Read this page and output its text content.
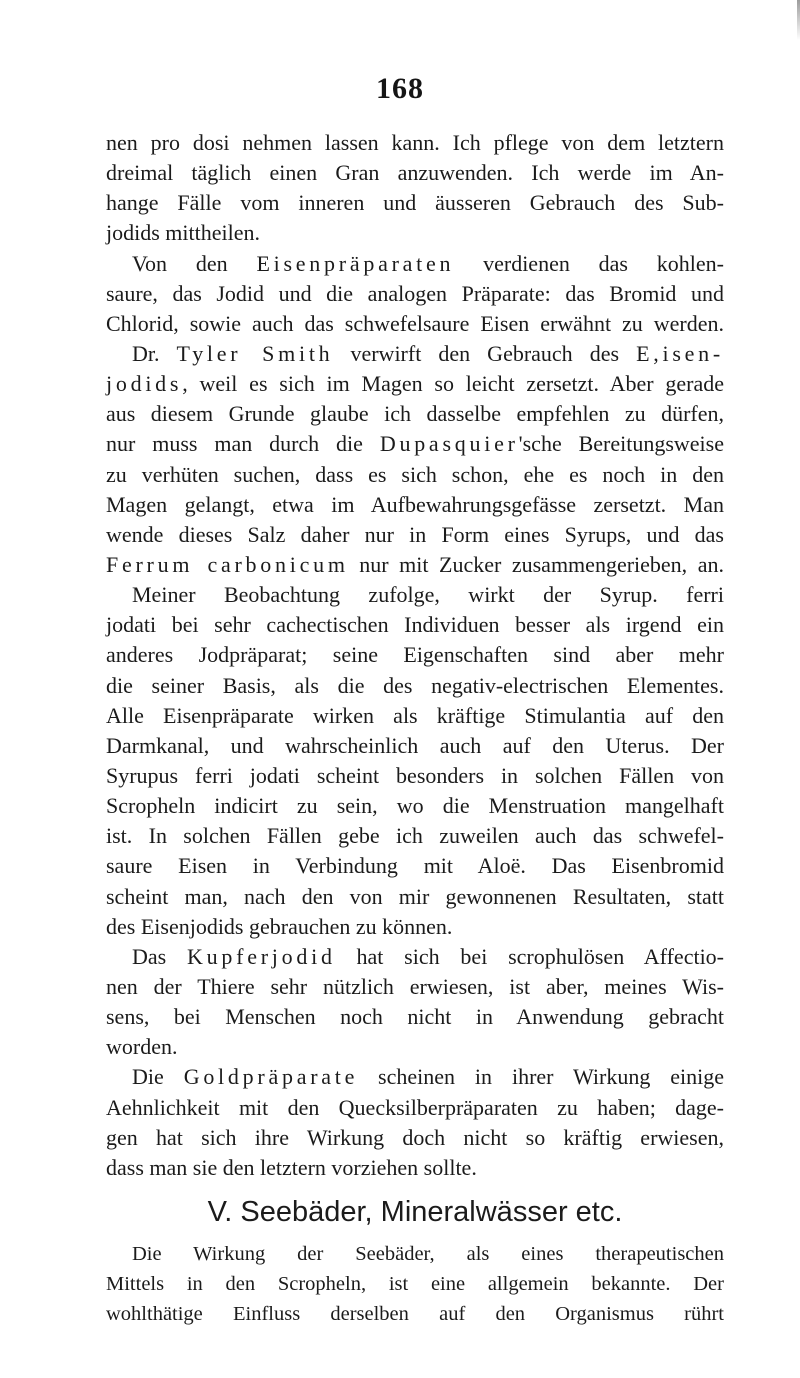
168
nen pro dosi nehmen lassen kann. Ich pflege von dem letztern
dreimal täglich einen Gran anzuwenden. Ich werde im An-
hange Fälle vom inneren und äusseren Gebrauch des Sub-
jodids mittheilen.
Von den Eisenpräparaten verdienen das kohlen-
saure, das Jodid und die analogen Präparate: das Bromid und
Chlorid, sowie auch das schwefelsaure Eisen erwähnt zu werden.
Dr. Tyler Smith verwirft den Gebrauch des E,isen-
jodids, weil es sich im Magen so leicht zersetzt. Aber gerade
aus diesem Grunde glaube ich dasselbe empfehlen zu dürfen,
nur muss man durch die Dupasquier'sche Bereitungsweise
zu verhüten suchen, dass es sich schon, ehe es noch in den
Magen gelangt, etwa im Aufbewahrungsgefässe zersetzt. Man
wende dieses Salz daher nur in Form eines Syrups, und das
Ferrum carbonicum nur mit Zucker zusammengerieben, an.
Meiner Beobachtung zufolge, wirkt der Syrup. ferri
jodati bei sehr cachectischen Individuen besser als irgend ein
anderes Jodpräparat; seine Eigenschaften sind aber mehr
die seiner Basis, als die des negativ-electrischen Elementes.
Alle Eisenpräparate wirken als kräftige Stimulantia auf den
Darmkanal, und wahrscheinlich auch auf den Uterus. Der
Syrupus ferri jodati scheint besonders in solchen Fällen von
Scropheln indicirt zu sein, wo die Menstruation mangelhaft
ist. In solchen Fällen gebe ich zuweilen auch das schwefel-
saure Eisen in Verbindung mit Aloë. Das Eisenbromid
scheint man, nach den von mir gewonnenen Resultaten, statt
des Eisenjodids gebrauchen zu können.
Das Kupferjodid hat sich bei scrophulösen Affectio-
nen der Thiere sehr nützlich erwiesen, ist aber, meines Wis-
sens, bei Menschen noch nicht in Anwendung gebracht
worden.
Die Goldpräparate scheinen in ihrer Wirkung einige
Aehnlichkeit mit den Quecksilberpräparaten zu haben; dage-
gen hat sich ihre Wirkung doch nicht so kräftig erwiesen,
dass man sie den letztern vorziehen sollte.
V. Seebäder, Mineralwässer etc.
Die Wirkung der Seebäder, als eines therapeutischen
Mittels in den Scropheln, ist eine allgemein bekannte. Der
wohlthätige Einfluss derselben auf den Organismus rührt
